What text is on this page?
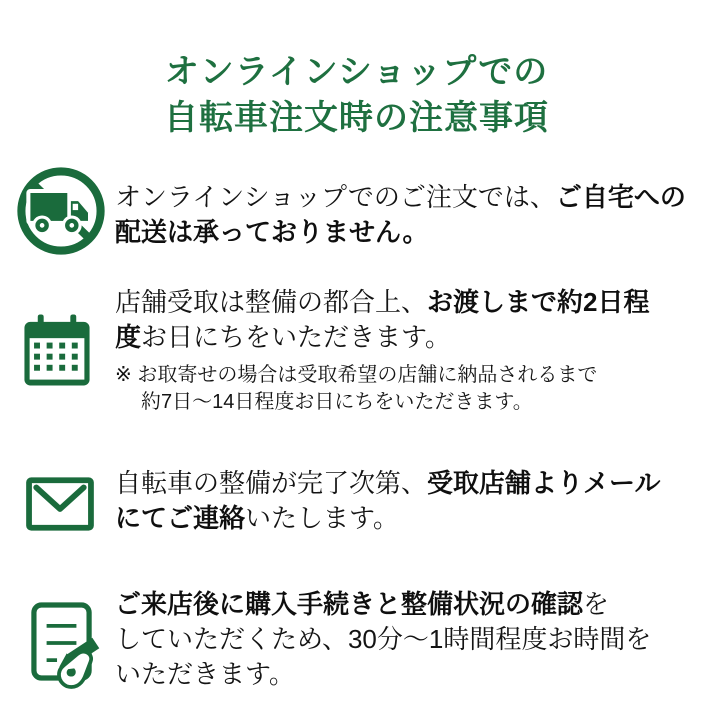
オンラインショップでの
自転車注文時の注意事項
オンラインショップでのご注文では、ご自宅への
配送は承っておりません。
店舗受取は整備の都合上、お渡しまで約2日程
度お日にちをいただきます。
※ お取寄せの場合は受取希望の店舗に納品されるまで
約7日〜14日程度お日にちをいただきます。
自転車の整備が完了次第、受取店舗よりメール
にてご連絡いたします。
ご来店後に購入手続きと整備状況の確認を
していただくため、30分〜1時間程度お時間を
いただきます。
